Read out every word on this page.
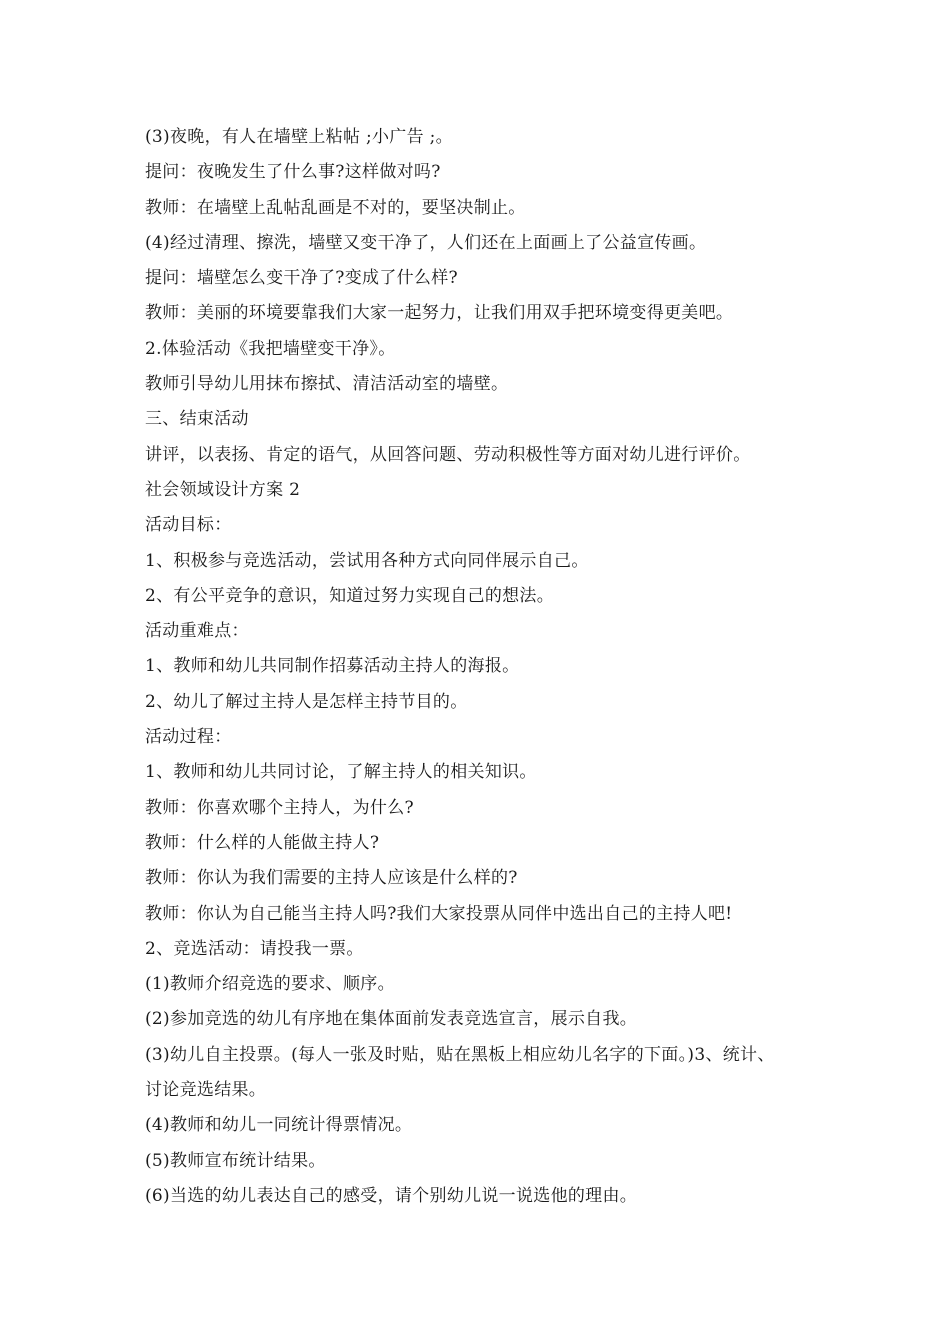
(3)夜晚，有人在墙壁上粘帖 ;小广告 ;。
提问：夜晚发生了什么事?这样做对吗?
教师：在墙壁上乱帖乱画是不对的，要坚决制止。
(4)经过清理、擦洗，墙壁又变干净了，人们还在上面画上了公益宣传画。
提问：墙壁怎么变干净了?变成了什么样?
教师：美丽的环境要靠我们大家一起努力，让我们用双手把环境变得更美吧。
2.体验活动《我把墙壁变干净》。
教师引导幼儿用抹布擦拭、清洁活动室的墙壁。
三、结束活动
讲评，以表扬、肯定的语气，从回答问题、劳动积极性等方面对幼儿进行评价。
社会领域设计方案 2
活动目标：
1、积极参与竞选活动，尝试用各种方式向同伴展示自己。
2、有公平竞争的意识，知道过努力实现自己的想法。
活动重难点：
1、教师和幼儿共同制作招募活动主持人的海报。
2、幼儿了解过主持人是怎样主持节目的。
活动过程：
1、教师和幼儿共同讨论，了解主持人的相关知识。
教师：你喜欢哪个主持人，为什么?
教师：什么样的人能做主持人?
教师：你认为我们需要的主持人应该是什么样的?
教师：你认为自己能当主持人吗?我们大家投票从同伴中选出自己的主持人吧!
2、竞选活动：请投我一票。
(1)教师介绍竞选的要求、顺序。
(2)参加竞选的幼儿有序地在集体面前发表竞选宣言，展示自我。
(3)幼儿自主投票。(每人一张及时贴，贴在黑板上相应幼儿名字的下面。)3、统计、
讨论竞选结果。
(4)教师和幼儿一同统计得票情况。
(5)教师宣布统计结果。
(6)当选的幼儿表达自己的感受，请个别幼儿说一说选他的理由。
